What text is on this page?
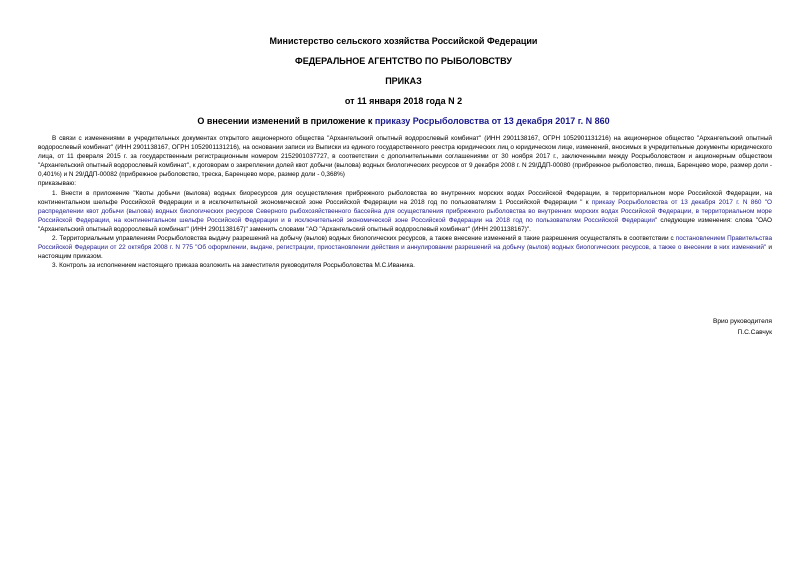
Министерство сельского хозяйства Российской Федерации
ФЕДЕРАЛЬНОЕ АГЕНТСТВО ПО РЫБОЛОВСТВУ
ПРИКАЗ
от 11 января 2018 года N 2
О внесении изменений в приложение к приказу Росрыболовства от 13 декабря 2017 г. N 860

В связи с изменениями в учредительных документах открытого акционерного общества "Архангельский опытный водорослевый комбинат" (ИНН 2901138167, ОГРН 1052901131216) на акционерное общество "Архангельский опытный водорослевый комбинат" (ИНН 2901138167, ОГРН 1052901131216), на основании записи из Выписки из единого государственного реестра юридических лиц о юридическом лице, изменений, вносимых в учредительные документы юридического лица, от 11 февраля 2015 г. за государственным регистрационным номером 2152901037727, в соответствии с дополнительными соглашениями от 30 ноября 2017 г., заключенными между Росрыболовством и акционерным обществом "Архангельский опытный водорослевый комбинат", к договорам о закреплении долей квот добычи (вылова) водных биологических ресурсов от 9 декабря 2008 г. N 29/ДДП-00080 (прибрежное рыболовство, пикша, Баренцево море, размер доли - 0,401%) и N 29/ДДП-00082 (прибрежное рыболовство, треска, Баренцево море, размер доли - 0,368%)

приказываю:

1. Внести в приложение "Квоты добычи (вылова) водных биоресурсов для осуществления прибрежного рыболовства во внутренних морских водах Российской Федерации, в территориальном море Российской Федерации, на континентальном шельфе Российской Федерации и в исключительной экономической зоне Российской Федерации на 2018 год по пользователям 1 Российской Федерации " к приказу Росрыболовства от 13 декабря 2017 г. N 860 "О распределении квот добычи (вылова) водных биологических ресурсов Северного рыбохозяйственного бассейна для осуществления прибрежного рыболовства во внутренних морских водах Российской Федерации, в территориальном море Российской Федерации, на континентальном шельфе Российской Федерации и в исключительной экономической зоне Российской Федерации на 2018 год по пользователям Российской Федерации" следующие изменения: слова "ОАО "Архангельский опытный водорослевый комбинат" (ИНН 2901138167)" заменить словами "АО "Архангельский опытный водорослевый комбинат" (ИНН 2901138167)".

2. Территориальным управлениям Росрыболовства выдачу разрешений на добычу (вылов) водных биологических ресурсов, а также внесение изменений в такие разрешения осуществлять в соответствии с постановлением Правительства Российской Федерации от 22 октября 2008 г. N 775 "Об оформлении, выдаче, регистрации, приостановлении действия и аннулировании разрешений на добычу (вылов) водных биологических ресурсов, а также о внесении в них изменений" и настоящим приказом.

3. Контроль за исполнением настоящего приказа возложить на заместителя руководителя Росрыболовства М.С.Иваника.

Врио руководителя
П.С.Савчук
